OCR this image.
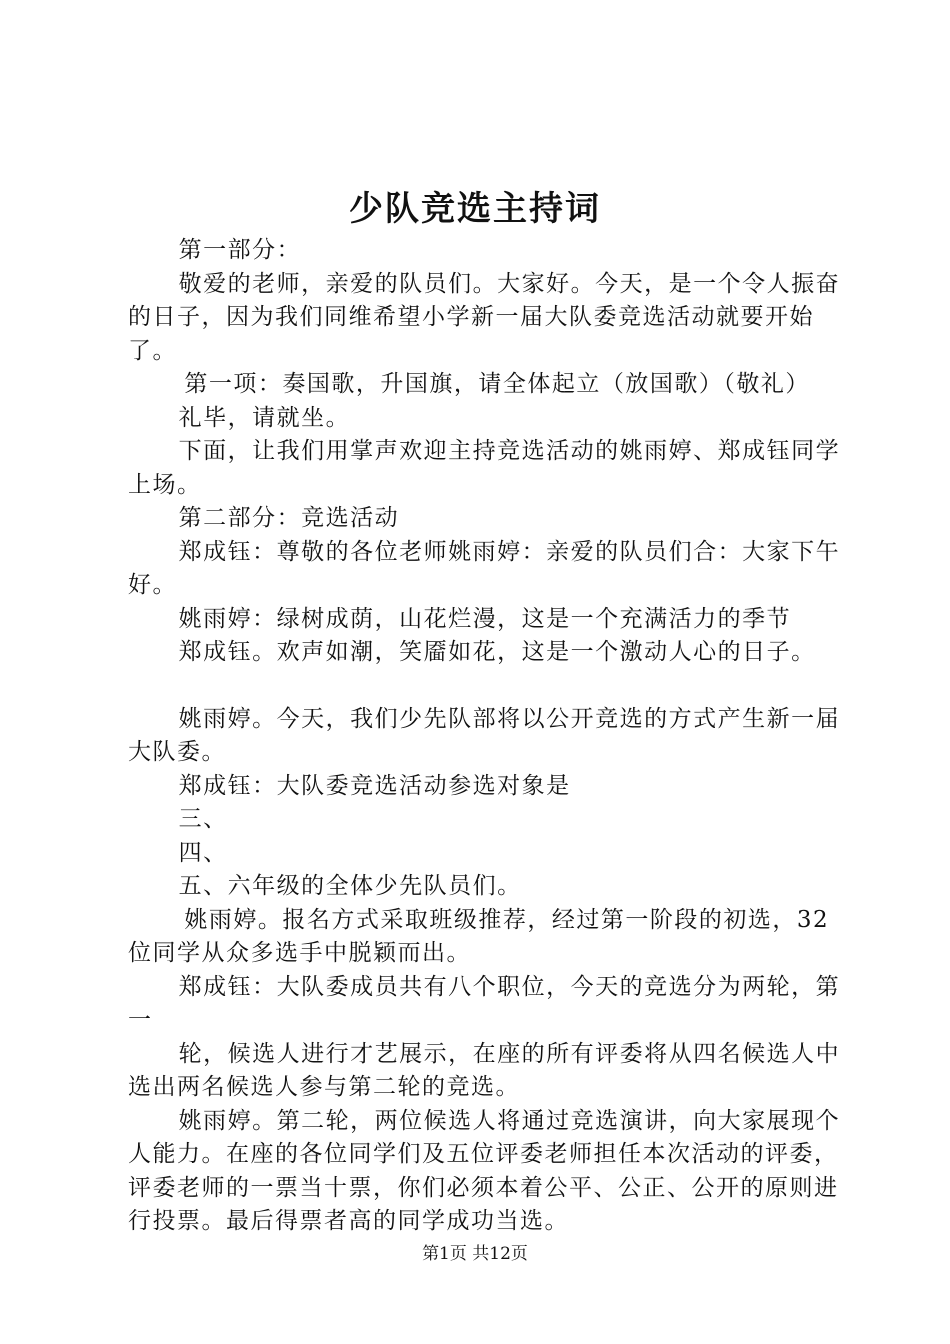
少队竞选主持词

第一部分：

敬爱的老师，亲爱的队员们。大家好。今天，是一个令人振奋的日子，因为我们同维希望小学新一届大队委竞选活动就要开始了。

第一项：奏国歌，升国旗，请全体起立（放国歌）（敬礼）

礼毕，请就坐。

下面，让我们用掌声欢迎主持竞选活动的姚雨婷、郑成钰同学上场。

第二部分：竞选活动

郑成钰：尊敬的各位老师姚雨婷：亲爱的队员们合：大家下午好。

姚雨婷：绿树成荫，山花烂漫，这是一个充满活力的季节

郑成钰。欢声如潮，笑靥如花，这是一个激动人心的日子。

姚雨婷。今天，我们少先队部将以公开竞选的方式产生新一届大队委。

郑成钰：大队委竞选活动参选对象是

三、

四、

五、六年级的全体少先队员们。

姚雨婷。报名方式采取班级推荐，经过第一阶段的初选，32位同学从众多选手中脱颖而出。

郑成钰：大队委成员共有八个职位，今天的竞选分为两轮，第一

轮，候选人进行才艺展示，在座的所有评委将从四名候选人中选出两名候选人参与第二轮的竞选。

姚雨婷。第二轮，两位候选人将通过竞选演讲，向大家展现个人能力。在座的各位同学们及五位评委老师担任本次活动的评委，评委老师的一票当十票，你们必须本着公平、公正、公开的原则进行投票。最后得票者高的同学成功当选。

第1页 共12页
